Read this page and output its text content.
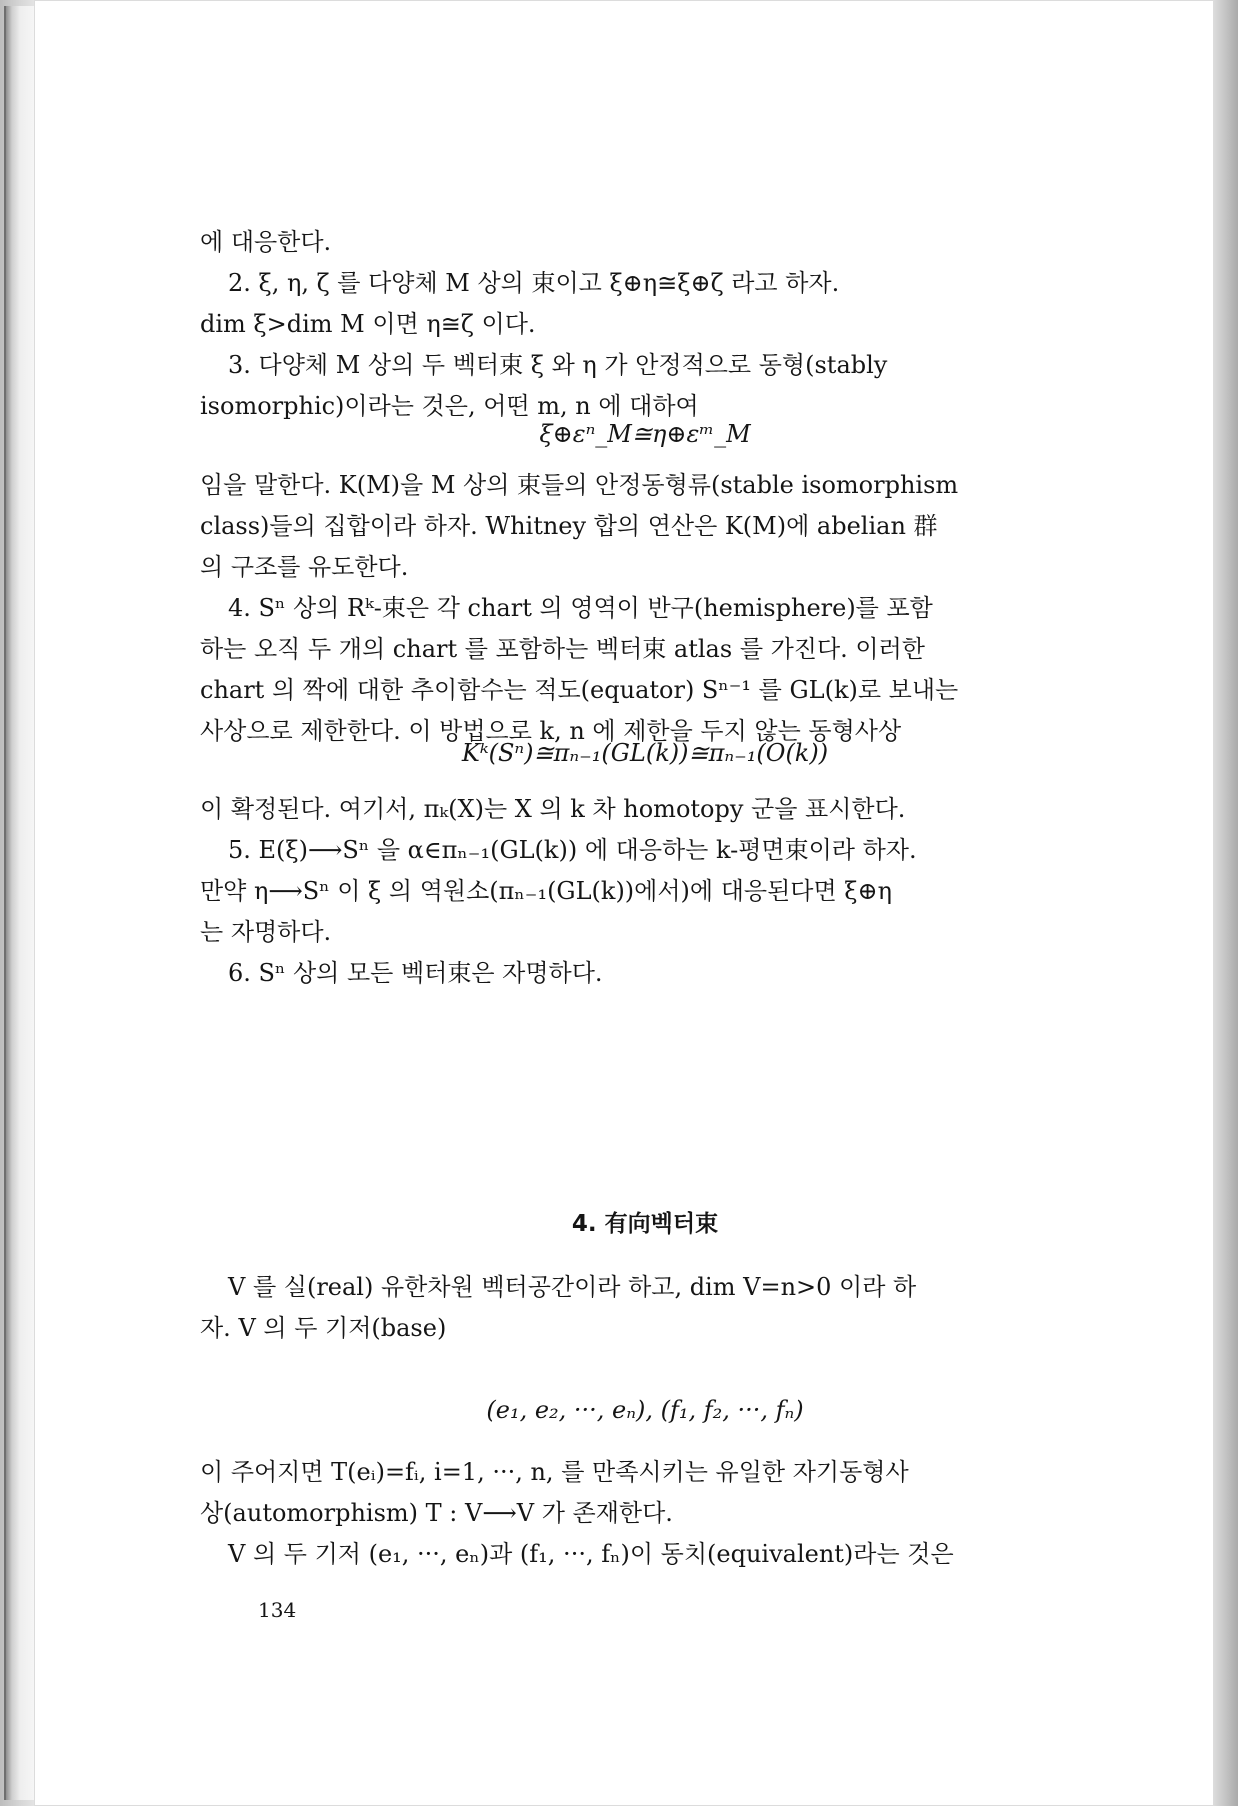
에 대응한다.
2. ξ, η, ζ 를 다양체 M 상의 束이고 ξ⊕η≅ξ⊕ζ 라고 하자.
dim ξ>dim M 이면 η≅ζ 이다.
3. 다양체 M 상의 두 벡터束 ξ 와 η 가 안정적으로 동형(stably
isomorphic)이라는 것은, 어떤 m, n 에 대하여
ξ⊕εⁿ_M≅η⊕εᵐ_M
임을 말한다. K(M)을 M 상의 束들의 안정동형류(stable isomorphism
class)들의 집합이라 하자. Whitney 합의 연산은 K(M)에 abelian 群
의 구조를 유도한다.
4. Sⁿ 상의 Rᵏ-束은 각 chart 의 영역이 반구(hemisphere)를 포함
하는 오직 두 개의 chart 를 포함하는 벡터束 atlas 를 가진다. 이러한
chart 의 짝에 대한 추이함수는 적도(equator) Sⁿ⁻¹ 를 GL(k)로 보내는
사상으로 제한한다. 이 방법으로 k, n 에 제한을 두지 않는 동형사상
Kᵏ(Sⁿ)≅πₙ₋₁(GL(k))≅πₙ₋₁(O(k))
이 확정된다. 여기서, πₖ(X)는 X 의 k 차 homotopy 군을 표시한다.
5. E(ξ)⟶Sⁿ 을 α∈πₙ₋₁(GL(k)) 에 대응하는 k-평면束이라 하자.
만약 η⟶Sⁿ 이 ξ 의 역원소(πₙ₋₁(GL(k))에서)에 대응된다면 ξ⊕η
는 자명하다.
6. Sⁿ 상의 모든 벡터束은 자명하다.
4. 有向벡터束
V 를 실(real) 유한차원 벡터공간이라 하고, dim V=n>0 이라 하
자. V 의 두 기저(base)
(e₁, e₂, ···, eₙ), (f₁, f₂, ···, fₙ)
이 주어지면 T(eᵢ)=fᵢ, i=1, ···, n, 를 만족시키는 유일한 자기동형사
상(automorphism) T : V⟶V 가 존재한다.
V 의 두 기저 (e₁, ···, eₙ)과 (f₁, ···, fₙ)이 동치(equivalent)라는 것은
134
